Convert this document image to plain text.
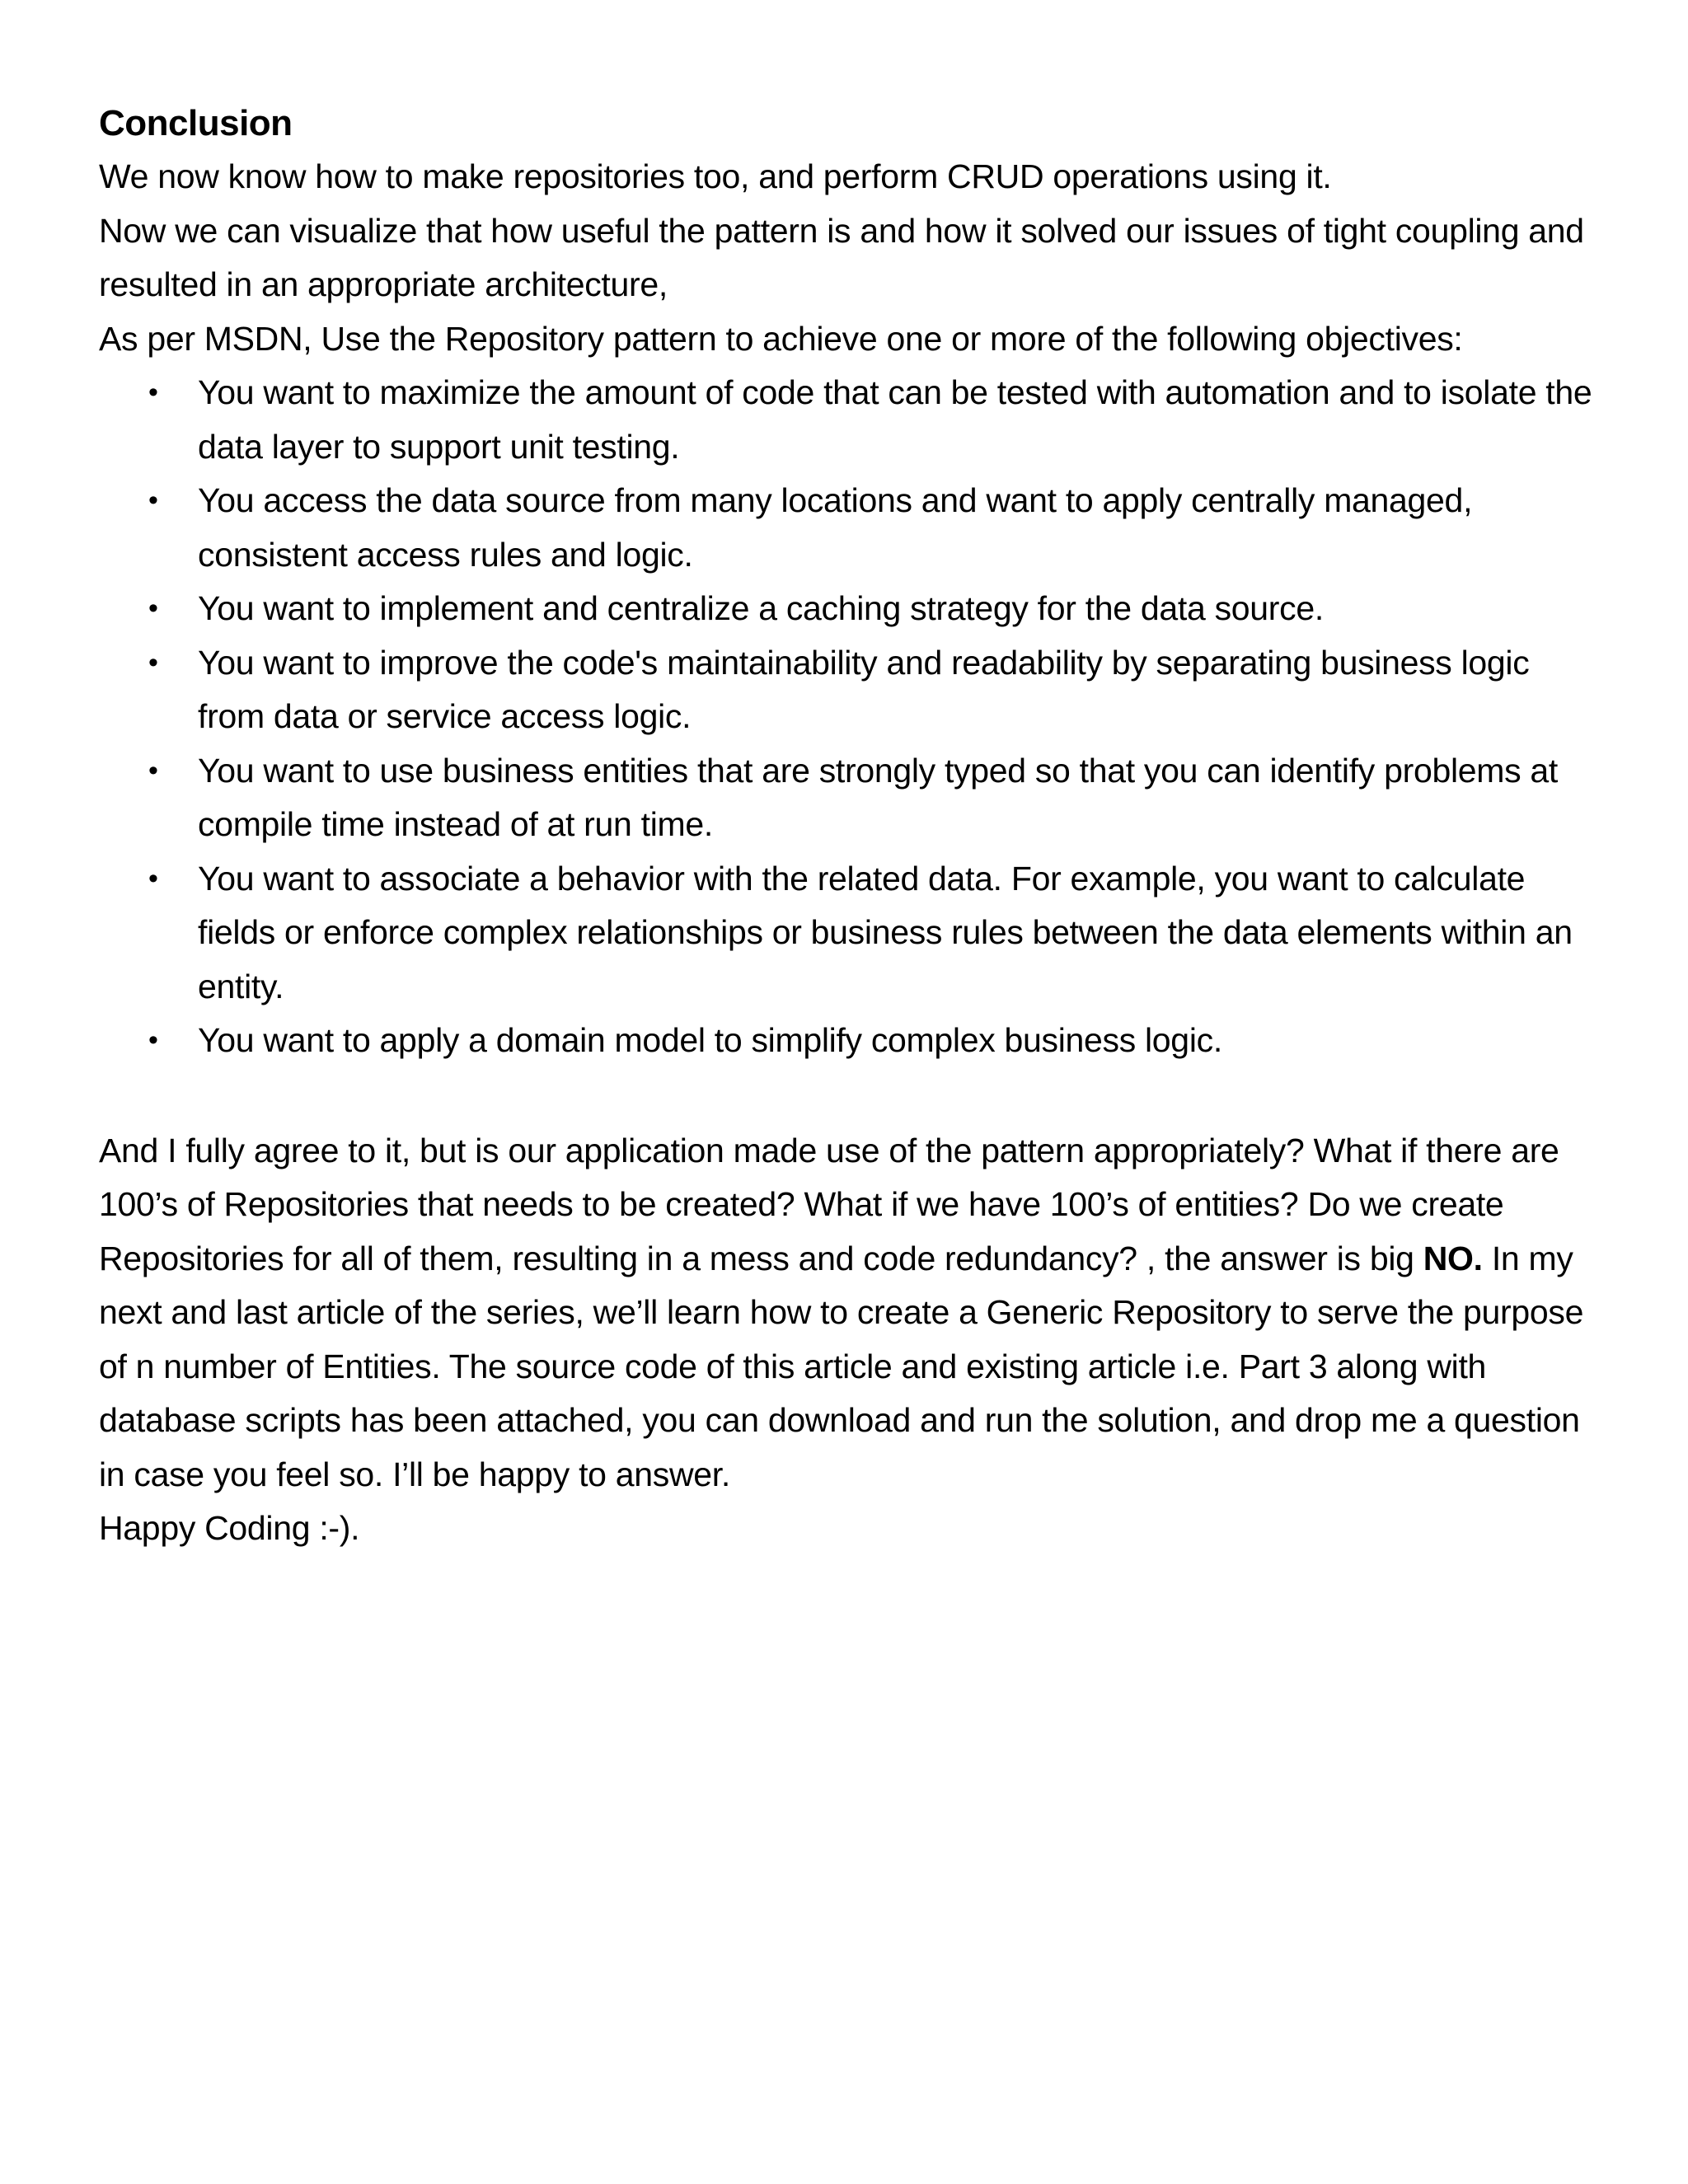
Conclusion

We now know how to make repositories too, and perform CRUD operations using it.

Now we can visualize that how useful the pattern is and how it solved our issues of tight coupling and resulted in an appropriate architecture,

As per MSDN, Use the Repository pattern to achieve one or more of the following objectives:

• You want to maximize the amount of code that can be tested with automation and to isolate the data layer to support unit testing.
• You access the data source from many locations and want to apply centrally managed, consistent access rules and logic.
• You want to implement and centralize a caching strategy for the data source.
• You want to improve the code's maintainability and readability by separating business logic from data or service access logic.
• You want to use business entities that are strongly typed so that you can identify problems at compile time instead of at run time.
• You want to associate a behavior with the related data. For example, you want to calculate fields or enforce complex relationships or business rules between the data elements within an entity.
• You want to apply a domain model to simplify complex business logic.

And I fully agree to it, but is our application made use of the pattern appropriately? What if there are 100’s of Repositories that needs to be created? What if we have 100’s of entities? Do we create Repositories for all of them, resulting in a mess and code redundancy? , the answer is big NO. In my next and last article of the series, we’ll learn how to create a Generic Repository to serve the purpose of n number of Entities. The source code of this article and existing article i.e. Part 3 along with database scripts has been attached, you can download and run the solution, and drop me a question in case you feel so. I’ll be happy to answer.

Happy Coding :-).
